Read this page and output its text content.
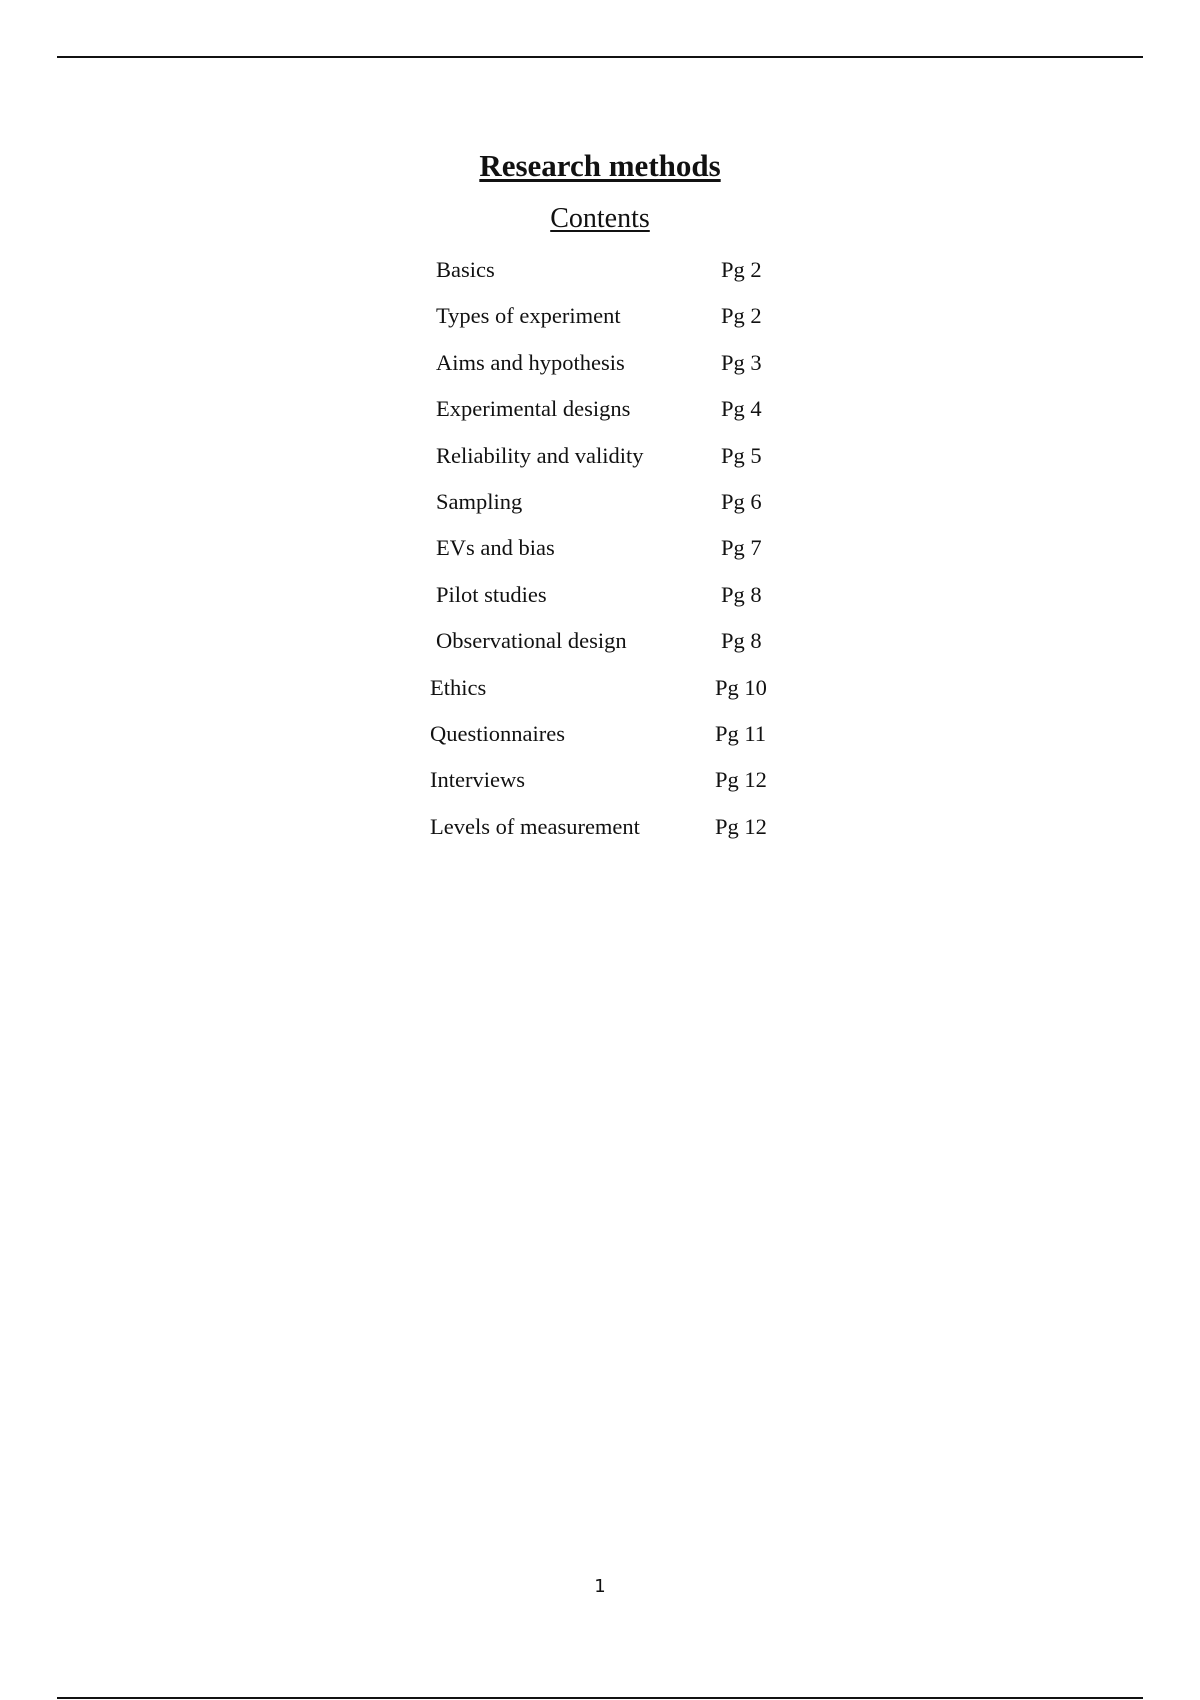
Research methods
Contents
Basics	Pg 2
Types of experiment	Pg 2
Aims and hypothesis	Pg 3
Experimental designs	Pg 4
Reliability and validity	Pg 5
Sampling	Pg 6
EVs and bias	Pg 7
Pilot studies	Pg 8
Observational design	Pg 8
Ethics	Pg 10
Questionnaires	Pg 11
Interviews	Pg 12
Levels of measurement	Pg 12
1
